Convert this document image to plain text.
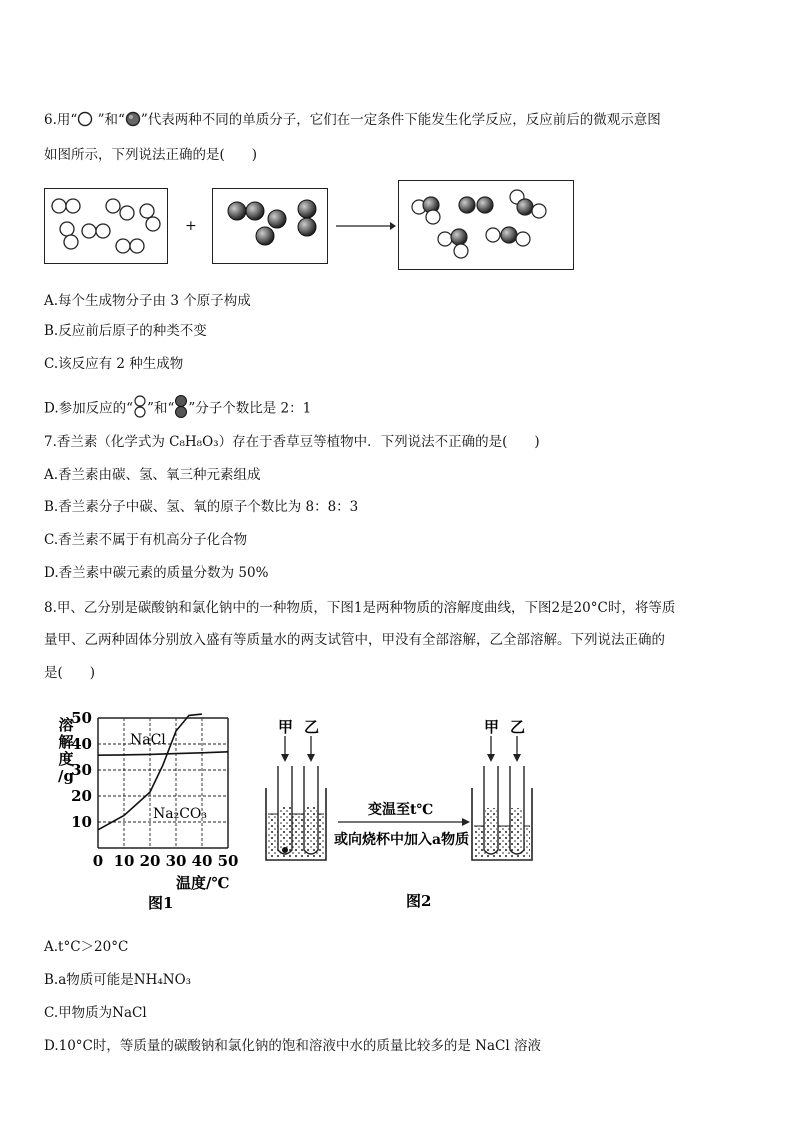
6.用“ ”和“ ”代表两种不同的单质分子，它们在一定条件下能发生化学反应，反应前后的微观示意图
如图所示，下列说法正确的是(　　)
+
A.每个生成物分子由 3 个原子构成
B.反应前后原子的种类不变
C.该反应有 2 种生成物
D.参加反应的“ ”和“ ”分子个数比是 2：1
7.香兰素（化学式为 C₈H₈O₃）存在于香草豆等植物中．下列说法不正确的是(　　)
A.香兰素由碳、氢、氧三种元素组成
B.香兰素分子中碳、氢、氧的原子个数比为 8：8：3
C.香兰素不属于有机高分子化合物
D.香兰素中碳元素的质量分数为 50%
8.甲、乙分别是碳酸钠和氯化钠中的一种物质，下图1是两种物质的溶解度曲线，下图2是20°C时，将等质
量甲、乙两种固体分别放入盛有等质量水的两支试管中，甲没有全部溶解，乙全部溶解。下列说法正确的
是(　　)
10
20
30
40
50
0 10 20 30 40 50
溶
解
度
/g
温度/℃
图1
NaCl
Na₂CO₃
甲 乙
变温至t℃
或向烧杯中加入a物质
甲 乙
图2
A.t°C＞20°C
B.a物质可能是NH₄NO₃
C.甲物质为NaCl
D.10°C时，等质量的碳酸钠和氯化钠的饱和溶液中水的质量比较多的是 NaCl 溶液
